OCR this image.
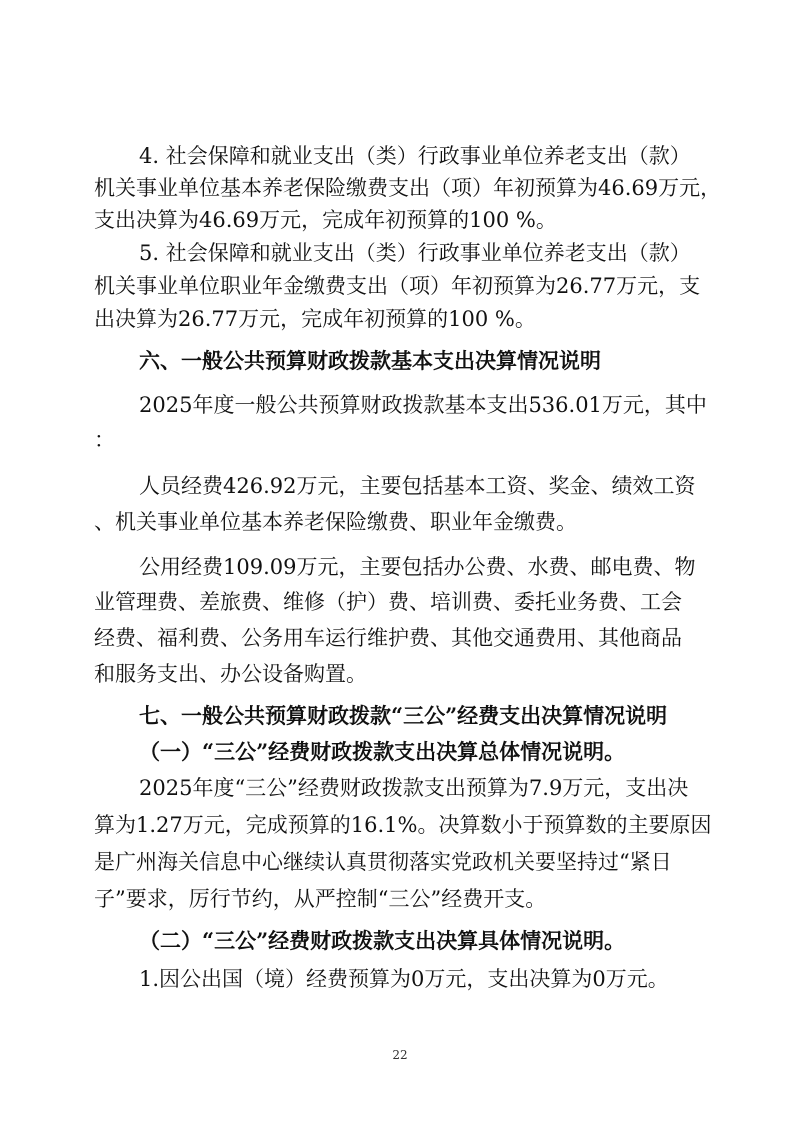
4. 社会保障和就业支出（类）行政事业单位养老支出（款）
机关事业单位基本养老保险缴费支出（项）年初预算为46.69万元，
支出决算为46.69万元，完成年初预算的100 %。
5. 社会保障和就业支出（类）行政事业单位养老支出（款）
机关事业单位职业年金缴费支出（项）年初预算为26.77万元，支
出决算为26.77万元，完成年初预算的100 %。
六、一般公共预算财政拨款基本支出决算情况说明
2025年度一般公共预算财政拨款基本支出536.01万元，其中
：
人员经费426.92万元，主要包括基本工资、奖金、绩效工资
、机关事业单位基本养老保险缴费、职业年金缴费。
公用经费109.09万元，主要包括办公费、水费、邮电费、物
业管理费、差旅费、维修（护）费、培训费、委托业务费、工会
经费、福利费、公务用车运行维护费、其他交通费用、其他商品
和服务支出、办公设备购置。
七、一般公共预算财政拨款“三公”经费支出决算情况说明
（一）“三公”经费财政拨款支出决算总体情况说明。
2025年度“三公”经费财政拨款支出预算为7.9万元，支出决
算为1.27万元，完成预算的16.1%。决算数小于预算数的主要原因
是广州海关信息中心继续认真贯彻落实党政机关要坚持过“紧日
子”要求，厉行节约，从严控制“三公”经费开支。
（二）“三公”经费财政拨款支出决算具体情况说明。
1.因公出国（境）经费预算为0万元，支出决算为0万元。
22
